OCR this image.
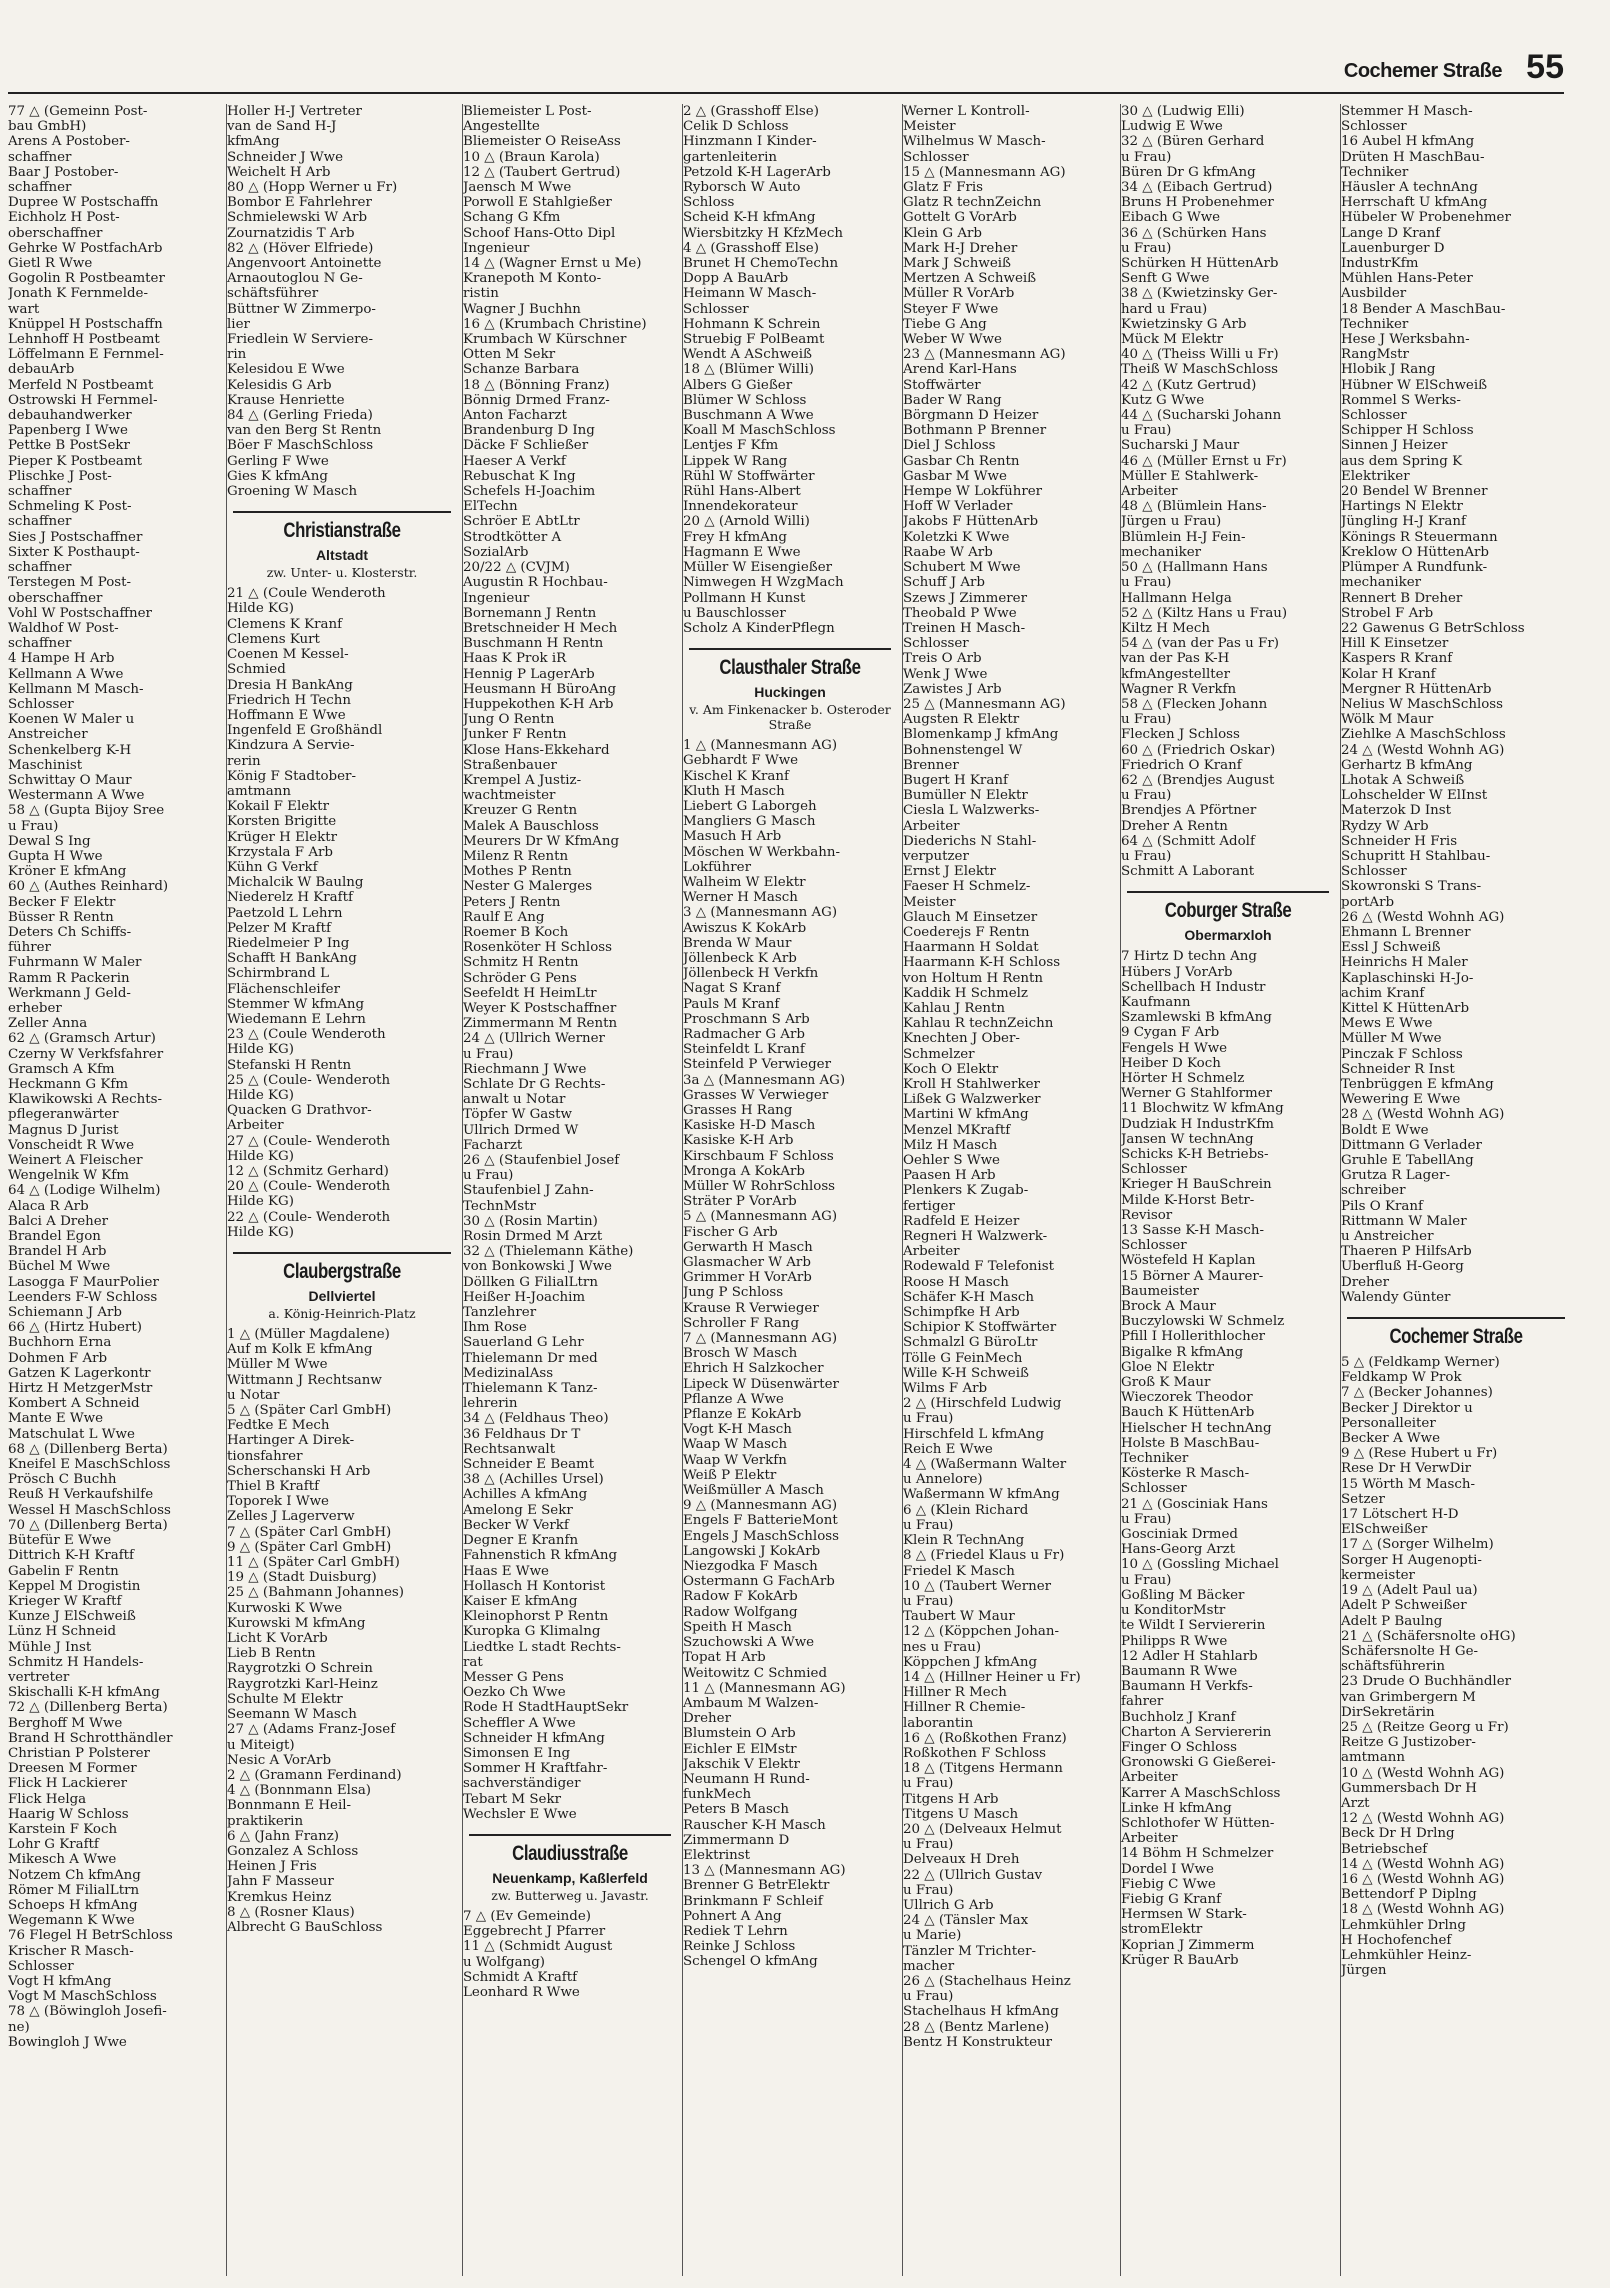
Cochemer Straße 55
77 △ (Gemeinn Post-
bau GmbH)
Arens A Postober-
schaffner
Baar J Postober-
schaffner
Dupree W Postschaffn
Eichholz H Post-
oberschaffner
Gehrke W PostfachArb
Gietl R Wwe
Gogolin R Postbeamter
Jonath K Fernmelde-
wart
Knüppel H Postschaffn
Lehnhoff H Postbeamt
Löffelmann E Fernmel-
debauArb
Merfeld N Postbeamt
Ostrowski H Fernmel-
debauhandwerker
Papenberg I Wwe
Pettke B PostSekr
Pieper K Postbeamt
Plischke J Post-
schaffner
Schmeling K Post-
schaffner
Sies J Postschaffner
Sixter K Posthaupt-
schaffner
Terstegen M Post-
oberschaffner
Vohl W Postschaffner
Waldhof W Post-
schaffner
4 Hampe H Arb
Kellmann A Wwe
Kellmann M Masch-
Schlosser
Koenen W Maler u
Anstreicher
Schenkelberg K-H
Maschinist
Schwittay O Maur
Westermann A Wwe
58 △ (Gupta Bijoy Sree
u Frau)
Dewal S Ing
Gupta H Wwe
Kröner E kfmAng
60 △ (Authes Reinhard)
Becker F Elektr
Büsser R Rentn
Deters Ch Schiffs-
führer
Fuhrmann W Maler
Ramm R Packerin
Werkmann J Geld-
erheber
Zeller Anna
62 △ (Gramsch Artur)
Czerny W Verkfsfahrer
Gramsch A Kfm
Heckmann G Kfm
Klawikowski A Rechts-
pflegeranwärter
Magnus D Jurist
Vonscheidt R Wwe
Weinert A Fleischer
Wengelnik W Kfm
64 △ (Lodige Wilhelm)
Alaca R Arb
Balci A Dreher
Brandel Egon
Brandel H Arb
Büchel M Wwe
Lasogga F MaurPolier
Leenders F-W Schloss
Schiemann J Arb
66 △ (Hirtz Hubert)
Buchhorn Erna
Dohmen F Arb
Gatzen K Lagerkontr
Hirtz H MetzgerMstr
Kombert A Schneid
Mante E Wwe
Matschulat L Wwe
68 △ (Dillenberg Berta)
Kneifel E MaschSchloss
Prösch C Buchh
Reuß H Verkaufshilfe
Wessel H MaschSchloss
70 △ (Dillenberg Berta)
Bütefür E Wwe
Dittrich K-H Kraftf
Gabelin F Rentn
Keppel M Drogistin
Krieger W Kraftf
Kunze J ElSchweiß
Lünz H Schneid
Mühle J Inst
Schmitz H Handels-
vertreter
Skischalli K-H kfmAng
72 △ (Dillenberg Berta)
Berghoff M Wwe
Brand H Schrotthändler
Christian P Polsterer
Dreesen M Former
Flick H Lackierer
Flick Helga
Haarig W Schloss
Karstein F Koch
Lohr G Kraftf
Mikesch A Wwe
Notzem Ch kfmAng
Römer M FilialLtrn
Schoeps H kfmAng
Wegemann K Wwe
76 Flegel H BetrSchloss
Krischer R Masch-
Schlosser
Vogt H kfmAng
Vogt M MaschSchloss
78 △ (Böwingloh Josefi-
ne)
Bowingloh J Wwe
Holler H-J Vertreter
van de Sand H-J
kfmAng
Schneider J Wwe
Weichelt H Arb
80 △ (Hopp Werner u Fr)
Bombor E Fahrlehrer
Schmielewski W Arb
Zournatzidis T Arb
82 △ (Höver Elfriede)
Angenvoort Antoinette
Arnaoutoglou N Ge-
schäftsführer
Büttner W Zimmerpo-
lier
Friedlein W Serviere-
rin
Kelesidou E Wwe
Kelesidis G Arb
Krause Henriette
84 △ (Gerling Frieda)
van den Berg St Rentn
Böer F MaschSchloss
Gerling F Wwe
Gies K kfmAng
Groening W Masch
Christianstraße
Altstadt
zw. Unter- u. Klosterstr.
21 △ (Coule Wenderoth
Hilde KG)
Clemens K Kranf
Clemens Kurt
Coenen M Kessel-
Schmied
Dresia H BankAng
Friedrich H Techn
Hoffmann E Wwe
Ingenfeld E Großhändl
Kindzura A Servie-
rerin
König F Stadtober-
amtmann
Kokail F Elektr
Korsten Brigitte
Krüger H Elektr
Krzystala F Arb
Kühn G Verkf
Michalcik W Baulng
Niederelz H Kraftf
Paetzold L Lehrn
Pelzer M Kraftf
Riedelmeier P Ing
Schafft H BankAng
Schirmbrand L
Flächenschleifer
Stemmer W kfmAng
Wiedemann E Lehrn
23 △ (Coule Wenderoth
Hilde KG)
Stefanski H Rentn
25 △ (Coule- Wenderoth
Hilde KG)
Quacken G Drathvor-
Arbeiter
27 △ (Coule- Wenderoth
Hilde KG)
12 △ (Schmitz Gerhard)
20 △ (Coule- Wenderoth
Hilde KG)
22 △ (Coule- Wenderoth
Hilde KG)
Claubergstraße
Dellviertel
a. König-Heinrich-Platz
1 △ (Müller Magdalene)
Auf m Kolk E kfmAng
Müller M Wwe
Wittmann J Rechtsanw
u Notar
5 △ (Später Carl GmbH)
Fedtke E Mech
Hartinger A Direk-
tionsfahrer
Scherschanski H Arb
Thiel B Kraftf
Toporek I Wwe
Zelles J Lagerverw
7 △ (Später Carl GmbH)
9 △ (Später Carl GmbH)
11 △ (Später Carl GmbH)
19 △ (Stadt Duisburg)
25 △ (Bahmann Johannes)
Kurwoski K Wwe
Kurowski M kfmAng
Licht K VorArb
Lieb B Rentn
Raygrotzki O Schrein
Raygrotzki Karl-Heinz
Schulte M Elektr
Seemann W Masch
27 △ (Adams Franz-Josef
u Miteigt)
Nesic A VorArb
2 △ (Gramann Ferdinand)
4 △ (Bonnmann Elsa)
Bonnmann E Heil-
praktikerin
6 △ (Jahn Franz)
Gonzalez A Schloss
Heinen J Fris
Jahn F Masseur
Kremkus Heinz
8 △ (Rosner Klaus)
Albrecht G BauSchloss
Bliemeister L Post-
Angestellte
Bliemeister O ReiseAss
10 △ (Braun Karola)
12 △ (Taubert Gertrud)
Jaensch M Wwe
Porwoll E Stahlgießer
Schang G Kfm
Schoof Hans-Otto Dipl
Ingenieur
14 △ (Wagner Ernst u Me)
Kranepoth M Konto-
ristin
Wagner J Buchhn
16 △ (Krumbach Christine)
Krumbach W Kürschner
Otten M Sekr
Schanze Barbara
18 △ (Bönning Franz)
Bönnig Drmed Franz-
Anton Facharzt
Brandenburg D Ing
Däcke F Schließer
Haeser A Verkf
Rebuschat K Ing
Schefels H-Joachim
ElTechn
Schröer E AbtLtr
Strodtkötter A
SozialArb
20/22 △ (CVJM)
Augustin R Hochbau-
Ingenieur
Bornemann J Rentn
Bretschneider H Mech
Buschmann H Rentn
Haas K Prok iR
Hennig P LagerArb
Heusmann H BüroAng
Huppekothen K-H Arb
Jung O Rentn
Junker F Rentn
Klose Hans-Ekkehard
Straßenbauer
Krempel A Justiz-
wachtmeister
Kreuzer G Rentn
Malek A Bauschloss
Meurers Dr W KfmAng
Milenz R Rentn
Mothes P Rentn
Nester G Malerges
Peters J Rentn
Raulf E Ang
Roemer B Koch
Rosenköter H Schloss
Schmitz H Rentn
Schröder G Pens
Seefeldt H HeimLtr
Weyer K Postschaffner
Zimmermann M Rentn
24 △ (Ullrich Werner
u Frau)
Riechmann J Wwe
Schlate Dr G Rechts-
anwalt u Notar
Töpfer W Gastw
Ullrich Drmed W
Facharzt
26 △ (Staufenbiel Josef
u Frau)
Staufenbiel J Zahn-
TechnMstr
30 △ (Rosin Martin)
Rosin Drmed M Arzt
32 △ (Thielemann Käthe)
von Bonkowski J Wwe
Döllken G FilialLtrn
Heißer H-Joachim
Tanzlehrer
Ihm Rose
Sauerland G Lehr
Thielemann Dr med
MedizinalAss
Thielemann K Tanz-
lehrerin
34 △ (Feldhaus Theo)
36 Feldhaus Dr T
Rechtsanwalt
Schneider E Beamt
38 △ (Achilles Ursel)
Achilles A kfmAng
Amelong E Sekr
Becker W Verkf
Degner E Kranfn
Fahnenstich R kfmAng
Haas E Wwe
Hollasch H Kontorist
Kaiser E kfmAng
Kleinophorst P Rentn
Kuropka G Klimalng
Liedtke L stadt Rechts-
rat
Messer G Pens
Oezko Ch Wwe
Rode H StadtHauptSekr
Scheffler A Wwe
Schneider H kfmAng
Simonsen E Ing
Sommer H Kraftfahr-
sachverständiger
Tebart M Sekr
Wechsler E Wwe
Claudiusstraße
Neuenkamp, Kaßlerfeld
zw. Butterweg u. Javastr.
7 △ (Ev Gemeinde)
Eggebrecht J Pfarrer
11 △ (Schmidt August
u Wolfgang)
Schmidt A Kraftf
Leonhard R Wwe
2 △ (Grasshoff Else)
Celik D Schloss
Hinzmann I Kinder-
gartenleiterin
Petzold K-H LagerArb
Ryborsch W Auto
Schloss
Scheid K-H kfmAng
Wiersbitzky H KfzMech
4 △ (Grasshoff Else)
Brunet H ChemoTechn
Dopp A BauArb
Heimann W Masch-
Schlosser
Hohmann K Schrein
Struebig F PolBeamt
Wendt A ASchweiß
18 △ (Blümer Willi)
Albers G Gießer
Blümer W Schloss
Buschmann A Wwe
Koall M MaschSchloss
Lentjes F Kfm
Lippek W Rang
Rühl W Stoffwärter
Rühl Hans-Albert
Innendekorateur
20 △ (Arnold Willi)
Frey H kfmAng
Hagmann E Wwe
Müller W Eisengießer
Nimwegen H WzgMach
Pollmann H Kunst
u Bauschlosser
Scholz A KinderPflegn
Clausthaler Straße
Huckingen
v. Am Finkenacker b. Osteroder Straße
1 △ (Mannesmann AG)
Gebhardt F Wwe
Kischel K Kranf
Kluth H Masch
Liebert G Laborgeh
Mangliers G Masch
Masuch H Arb
Möschen W Werkbahn-
Lokführer
Walheim W Elektr
Werner H Masch
3 △ (Mannesmann AG)
Awiszus K KokArb
Brenda W Maur
Jöllenbeck K Arb
Jöllenbeck H Verkfn
Nagat S Kranf
Pauls M Kranf
Proschmann S Arb
Radmacher G Arb
Steinfeldt L Kranf
Steinfeld P Verwieger
3a △ (Mannesmann AG)
Grasses W Verwieger
Grasses H Rang
Kasiske H-D Masch
Kasiske K-H Arb
Kirschbaum F Schloss
Mronga A KokArb
Müller W RohrSchloss
Sträter P VorArb
5 △ (Mannesmann AG)
Fischer G Arb
Gerwarth H Masch
Glasmacher W Arb
Grimmer H VorArb
Jung P Schloss
Krause R Verwieger
Schroller F Rang
7 △ (Mannesmann AG)
Brosch W Masch
Ehrich H Salzkocher
Lipeck W Düsenwärter
Pflanze A Wwe
Pflanze E KokArb
Vogt K-H Masch
Waap W Masch
Waap W Verkfn
Weiß P Elektr
Weißmüller A Masch
9 △ (Mannesmann AG)
Engels F BatterieMont
Engels J MaschSchloss
Langowski J KokArb
Niezgodka F Masch
Ostermann G FachArb
Radow F KokArb
Radow Wolfgang
Speith H Masch
Szuchowski A Wwe
Topat H Arb
Weitowitz C Schmied
11 △ (Mannesmann AG)
Ambaum M Walzen-
Dreher
Blumstein O Arb
Eichler E ElMstr
Jakschik V Elektr
Neumann H Rund-
funkMech
Peters B Masch
Rauscher K-H Masch
Zimmermann D
Elektrinst
13 △ (Mannesmann AG)
Brenner G BetrElektr
Brinkmann F Schleif
Pohnert A Ang
Rediek T Lehrn
Reinke J Schloss
Schengel O kfmAng
Werner L Kontroll-
Meister
Wilhelmus W Masch-
Schlosser
15 △ (Mannesmann AG)
Glatz F Fris
Glatz R technZeichn
Gottelt G VorArb
Klein G Arb
Mark H-J Dreher
Mark J Schweiß
Mertzen A Schweiß
Müller R VorArb
Steyer F Wwe
Tiebe G Ang
Weber W Wwe
23 △ (Mannesmann AG)
Arend Karl-Hans
Stoffwärter
Bader W Rang
Börgmann D Heizer
Bothmann P Brenner
Diel J Schloss
Gasbar Ch Rentn
Gasbar M Wwe
Hempe W Lokführer
Hoff W Verlader
Jakobs F HüttenArb
Koletzki K Wwe
Raabe W Arb
Schubert M Wwe
Schuff J Arb
Szews J Zimmerer
Theobald P Wwe
Treinen H Masch-
Schlosser
Treis O Arb
Wenk J Wwe
Zawistes J Arb
25 △ (Mannesmann AG)
Augsten R Elektr
Blomenkamp J kfmAng
Bohnenstengel W
Brenner
Bugert H Kranf
Bumüller N Elektr
Ciesla L Walzwerks-
Arbeiter
Diederichs N Stahl-
verputzer
Ernst J Elektr
Faeser H Schmelz-
Meister
Glauch M Einsetzer
Coederejs F Rentn
Haarmann H Soldat
Haarmann K-H Schloss
von Holtum H Rentn
Kaddik H Schmelz
Kahlau J Rentn
Kahlau R technZeichn
Knechten J Ober-
Schmelzer
Koch O Elektr
Kroll H Stahlwerker
Lißek G Walzwerker
Martini W kfmAng
Menzel MKraftf
Milz H Masch
Oehler S Wwe
Paasen H Arb
Plenkers K Zugab-
fertiger
Radfeld E Heizer
Regneri H Walzwerk-
Arbeiter
Rodewald F Telefonist
Roose H Masch
Schäfer K-H Masch
Schimpfke H Arb
Schipior K Stoffwärter
Schmalzl G BüroLtr
Tölle G FeinMech
Wille K-H Schweiß
Wilms F Arb
2 △ (Hirschfeld Ludwig
u Frau)
Hirschfeld L kfmAng
Reich E Wwe
4 △ (Waßermann Walter
u Annelore)
Waßermann W kfmAng
6 △ (Klein Richard
u Frau)
Klein R TechnAng
8 △ (Friedel Klaus u Fr)
Friedel K Masch
10 △ (Taubert Werner
u Frau)
Taubert W Maur
12 △ (Köppchen Johan-
nes u Frau)
Köppchen J kfmAng
14 △ (Hillner Heiner u Fr)
Hillner R Mech
Hillner R Chemie-
laborantin
16 △ (Roßkothen Franz)
Roßkothen F Schloss
18 △ (Titgens Hermann
u Frau)
Titgens H Arb
Titgens U Masch
20 △ (Delveaux Helmut
u Frau)
Delveaux H Dreh
22 △ (Ullrich Gustav
u Frau)
Ullrich G Arb
24 △ (Tänsler Max
u Marie)
Tänzler M Trichter-
macher
26 △ (Stachelhaus Heinz
u Frau)
Stachelhaus H kfmAng
28 △ (Bentz Marlene)
Bentz H Konstrukteur
30 △ (Ludwig Elli)
Ludwig E Wwe
32 △ (Büren Gerhard
u Frau)
Büren Dr G kfmAng
34 △ (Eibach Gertrud)
Bruns H Probenehmer
Eibach G Wwe
36 △ (Schürken Hans
u Frau)
Schürken H HüttenArb
Senft G Wwe
38 △ (Kwietzinsky Ger-
hard u Frau)
Kwietzinsky G Arb
Mück M Elektr
40 △ (Theiss Willi u Fr)
Theiß W MaschSchloss
42 △ (Kutz Gertrud)
Kutz G Wwe
44 △ (Sucharski Johann
u Frau)
Sucharski J Maur
46 △ (Müller Ernst u Fr)
Müller E Stahlwerk-
Arbeiter
48 △ (Blümlein Hans-
Jürgen u Frau)
Blümlein H-J Fein-
mechaniker
50 △ (Hallmann Hans
u Frau)
Hallmann Helga
52 △ (Kiltz Hans u Frau)
Kiltz H Mech
54 △ (van der Pas u Fr)
van der Pas K-H
kfmAngestellter
Wagner R Verkfn
58 △ (Flecken Johann
u Frau)
Flecken J Schloss
60 △ (Friedrich Oskar)
Friedrich O Kranf
62 △ (Brendjes August
u Frau)
Brendjes A Pförtner
Dreher A Rentn
64 △ (Schmitt Adolf
u Frau)
Schmitt A Laborant
Coburger Straße
Obermarxloh
7 Hirtz D techn Ang
Hübers J VorArb
Schellbach H Industr
Kaufmann
Szamlewski B kfmAng
9 Cygan F Arb
Fengels H Wwe
Heiber D Koch
Hörter H Schmelz
Werner G Stahlformer
11 Blochwitz W kfmAng
Dudziak H IndustrKfm
Jansen W technAng
Schicks K-H Betriebs-
Schlosser
Krieger H BauSchrein
Milde K-Horst Betr-
Revisor
13 Sasse K-H Masch-
Schlosser
Wöstefeld H Kaplan
15 Börner A Maurer-
Baumeister
Brock A Maur
Buczylowski W Schmelz
Pfill I Hollerithlocher
Bigalke R kfmAng
Gloe N Elektr
Groß K Maur
Wieczorek Theodor
Bauch K HüttenArb
Hielscher H technAng
Holste B MaschBau-
Techniker
Kösterke R Masch-
Schlosser
21 △ (Gosciniak Hans
u Frau)
Gosciniak Drmed
Hans-Georg Arzt
10 △ (Gossling Michael
u Frau)
Goßling M Bäcker
u KonditorMstr
te Wildt I Serviererin
Philipps R Wwe
12 Adler H Stahlarb
Baumann R Wwe
Baumann H Verkfs-
fahrer
Buchholz J Kranf
Charton A Serviererin
Finger O Schloss
Gronowski G Gießerei-
Arbeiter
Karrer A MaschSchloss
Linke H kfmAng
Schlothofer W Hütten-
Arbeiter
14 Böhm H Schmelzer
Dordel I Wwe
Fiebig C Wwe
Fiebig G Kranf
Hermsen W Stark-
stromElektr
Koprian J Zimmerm
Krüger R BauArb
Stemmer H Masch-
Schlosser
16 Aubel H kfmAng
Drüten H MaschBau-
Techniker
Häusler A technAng
Herrschaft U kfmAng
Hübeler W Probenehmer
Lange D Kranf
Lauenburger D
IndustrKfm
Mühlen Hans-Peter
Ausbilder
18 Bender A MaschBau-
Techniker
Hese J Werksbahn-
RangMstr
Hlobik J Rang
Hübner W ElSchweiß
Rommel S Werks-
Schlosser
Schipper H Schloss
Sinnen J Heizer
aus dem Spring K
Elektriker
20 Bendel W Brenner
Hartings N Elektr
Jüngling H-J Kranf
Könings R Steuermann
Kreklow O HüttenArb
Plümper A Rundfunk-
mechaniker
Rennert B Dreher
Strobel F Arb
22 Gawenus G BetrSchloss
Hill K Einsetzer
Kaspers R Kranf
Kolar H Kranf
Mergner R HüttenArb
Nelius W MaschSchloss
Wölk M Maur
Ziehlke A MaschSchloss
24 △ (Westd Wohnh AG)
Gerhartz B kfmAng
Lhotak A Schweiß
Lohschelder W ElInst
Materzok D Inst
Rydzy W Arb
Schneider H Fris
Schupritt H Stahlbau-
Schlosser
Skowronski S Trans-
portArb
26 △ (Westd Wohnh AG)
Ehmann L Brenner
Essl J Schweiß
Heinrichs H Maler
Kaplaschinski H-Jo-
achim Kranf
Kittel K HüttenArb
Mews E Wwe
Müller M Wwe
Pinczak F Schloss
Schneider R Inst
Tenbrüggen E kfmAng
Wewering E Wwe
28 △ (Westd Wohnh AG)
Boldt E Wwe
Dittmann G Verlader
Gruhle E TabellAng
Grutza R Lager-
schreiber
Pils O Kranf
Rittmann W Maler
u Anstreicher
Thaeren P HilfsArb
Überfluß H-Georg
Dreher
Walendy Günter
Cochemer Straße
5 △ (Feldkamp Werner)
Feldkamp W Prok
7 △ (Becker Johannes)
Becker J Direktor u
Personalleiter
Becker A Wwe
9 △ (Rese Hubert u Fr)
Rese Dr H VerwDir
15 Wörth M Masch-
Setzer
17 Lötschert H-D
ElSchweißer
17 △ (Sorger Wilhelm)
Sorger H Augenopti-
kermeister
19 △ (Adelt Paul ua)
Adelt P Schweißer
Adelt P Baulng
21 △ (Schäfersnolte oHG)
Schäfersnolte H Ge-
schäftsführerin
23 Drude O Buchhändler
van Grimbergern M
DirSekretärin
25 △ (Reitze Georg u Fr)
Reitze G Justizober-
amtmann
10 △ (Westd Wohnh AG)
Gummersbach Dr H
Arzt
12 △ (Westd Wohnh AG)
Beck Dr H Drlng
Betriebschef
14 △ (Westd Wohnh AG)
16 △ (Westd Wohnh AG)
Bettendorf P Diplng
18 △ (Westd Wohnh AG)
Lehmkühler Drlng
H Hochofenchef
Lehmkühler Heinz-
Jürgen
